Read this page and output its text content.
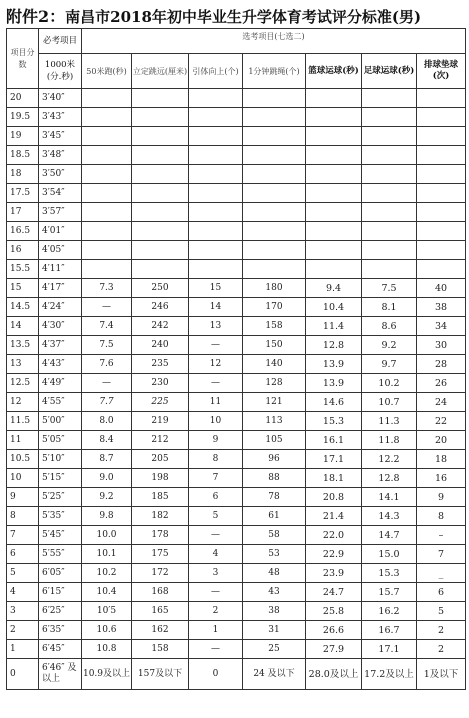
附件2：南昌市2018年初中毕业生升学体育考试评分标准(男)
项目分数	必考项目	选考项目(七选二)						
	1000米(分.秒)							
		50米跑(秒)	立定跳远(厘米)	引体向上(个)	1分钟跳绳(个)	篮球运球(秒)	足球运球(秒)	排球垫球(次)
20	3′40″							
19.5	3′43″							
19	3′45″							
18.5	3′48″							
18	3′50″							
17.5	3′54″							
17	3′57″							
16.5	4′01″							
16	4′05″							
15.5	4′11″							
15	4′17″	7.3	250	15	180	9.4	7.5	40
14.5	4′24″	—	246	14	170	10.4	8.1	38
14	4′30″	7.4	242	13	158	11.4	8.6	34
13.5	4′37″	7.5	240	—	150	12.8	9.2	30
13	4′43″	7.6	235	12	140	13.9	9.7	28
12.5	4′49″	—	230	—	128	13.9	10.2	26
12	4′55″	7.7	225	11	121	14.6	10.7	24
11.5	5′00″	8.0	219	10	113	15.3	11.3	22
11	5′05″	8.4	212	9	105	16.1	11.8	20
10.5	5′10″	8.7	205	8	96	17.1	12.2	18
10	5′15″	9.0	198	7	88	18.1	12.8	16
9	5′25″	9.2	185	6	78	20.8	14.1	9
8	5′35″	9.8	182	5	61	21.4	14.3	8
7	5′45″	10.0	178	—	58	22.0	14.7	–
6	5′55″	10.1	175	4	53	22.9	15.0	7
5	6′05″	10.2	172	3	48	23.9	15.3	_
4	6′15″	10.4	168	—	43	24.7	15.7	6
3	6′25″	10′5	165	2	38	25.8	16.2	5
2	6′35″	10.6	162	1	31	26.6	16.7	2
1	6′45″	10.8	158	—	25	27.9	17.1	2
0	6′46″ 及以上	10.9及以上	157及以下	0	24 及以下	28.0及以上	17.2及以上	1及以下
